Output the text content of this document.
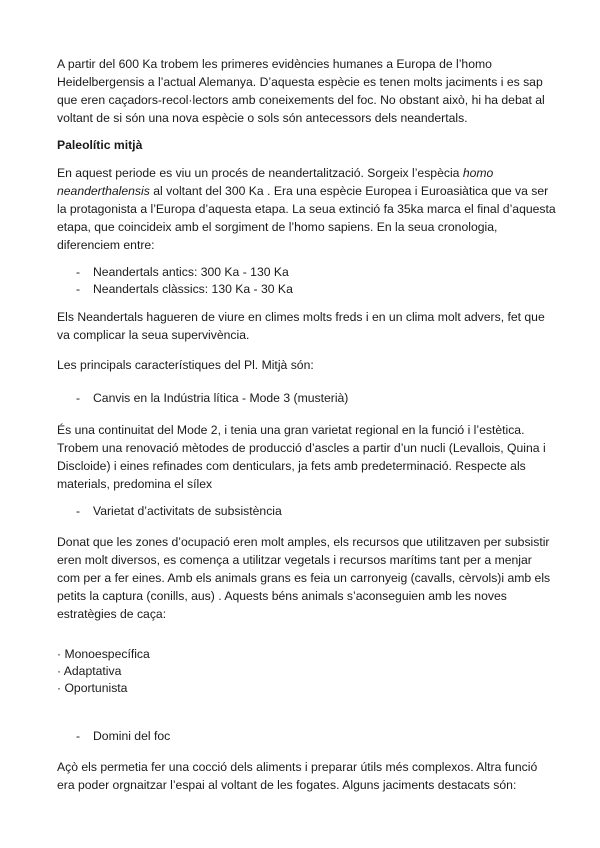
A partir del 600 Ka trobem les primeres evidències humanes a Europa de l’homo Heidelbergensis a l’actual Alemanya. D’aquesta espècie es tenen molts jaciments i es sap que eren caçadors-recol·lectors amb coneixements del foc. No obstant això, hi ha debat al voltant de si són una nova espècie o sols són antecessors dels neandertals.

Paleolític mitjà

En aquest periode es viu un procés de neandertalització. Sorgeix l’espècia homo neanderthalensis al voltant del 300 Ka . Era una espècie Europea i Euroasiàtica que va ser la protagonista a l’Europa d’aquesta etapa. La seua extinció fa 35ka marca el final d’aquesta etapa, que coincideix amb el sorgiment de l’homo sapiens. En la seua cronologia, diferenciem entre:

- Neandertals antics: 300 Ka - 130 Ka
- Neandertals clàssics: 130 Ka - 30 Ka

Els Neandertals hagueren de viure en climes molts freds i en un clima molt advers, fet que va complicar la seua supervivència.

Les principals característiques del Pl. Mitjà són:

- Canvis en la Indústria lítica - Mode 3 (musterià)

És una continuitat del Mode 2, i tenia una gran varietat regional en la funció i l’estètica. Trobem una renovació mètodes de producció d’ascles a partir d’un nucli (Levallois, Quina i Discloide) i eines refinades com denticulars, ja fets amb predeterminació. Respecte als materials, predomina el sílex

- Varietat d’activitats de subsistència

Donat que les zones d’ocupació eren molt amples, els recursos que utilitzaven per subsistir eren molt diversos, es comença a utilitzar vegetals i recursos marítims tant per a menjar com per a fer eines. Amb els animals grans es feia un carronyeig (cavalls, cèrvols)i amb els petits la captura (conills, aus) . Aquests béns animals s’aconseguien amb les noves estratègies de caça:

· Monoespecífica

· Adaptativa

· Oportunista

- Domini del foc

Açò els permetia fer una cocció dels aliments i preparar útils més complexos. Altra funció era poder orgnaitzar l’espai al voltant de les fogates. Alguns jaciments destacats són:
